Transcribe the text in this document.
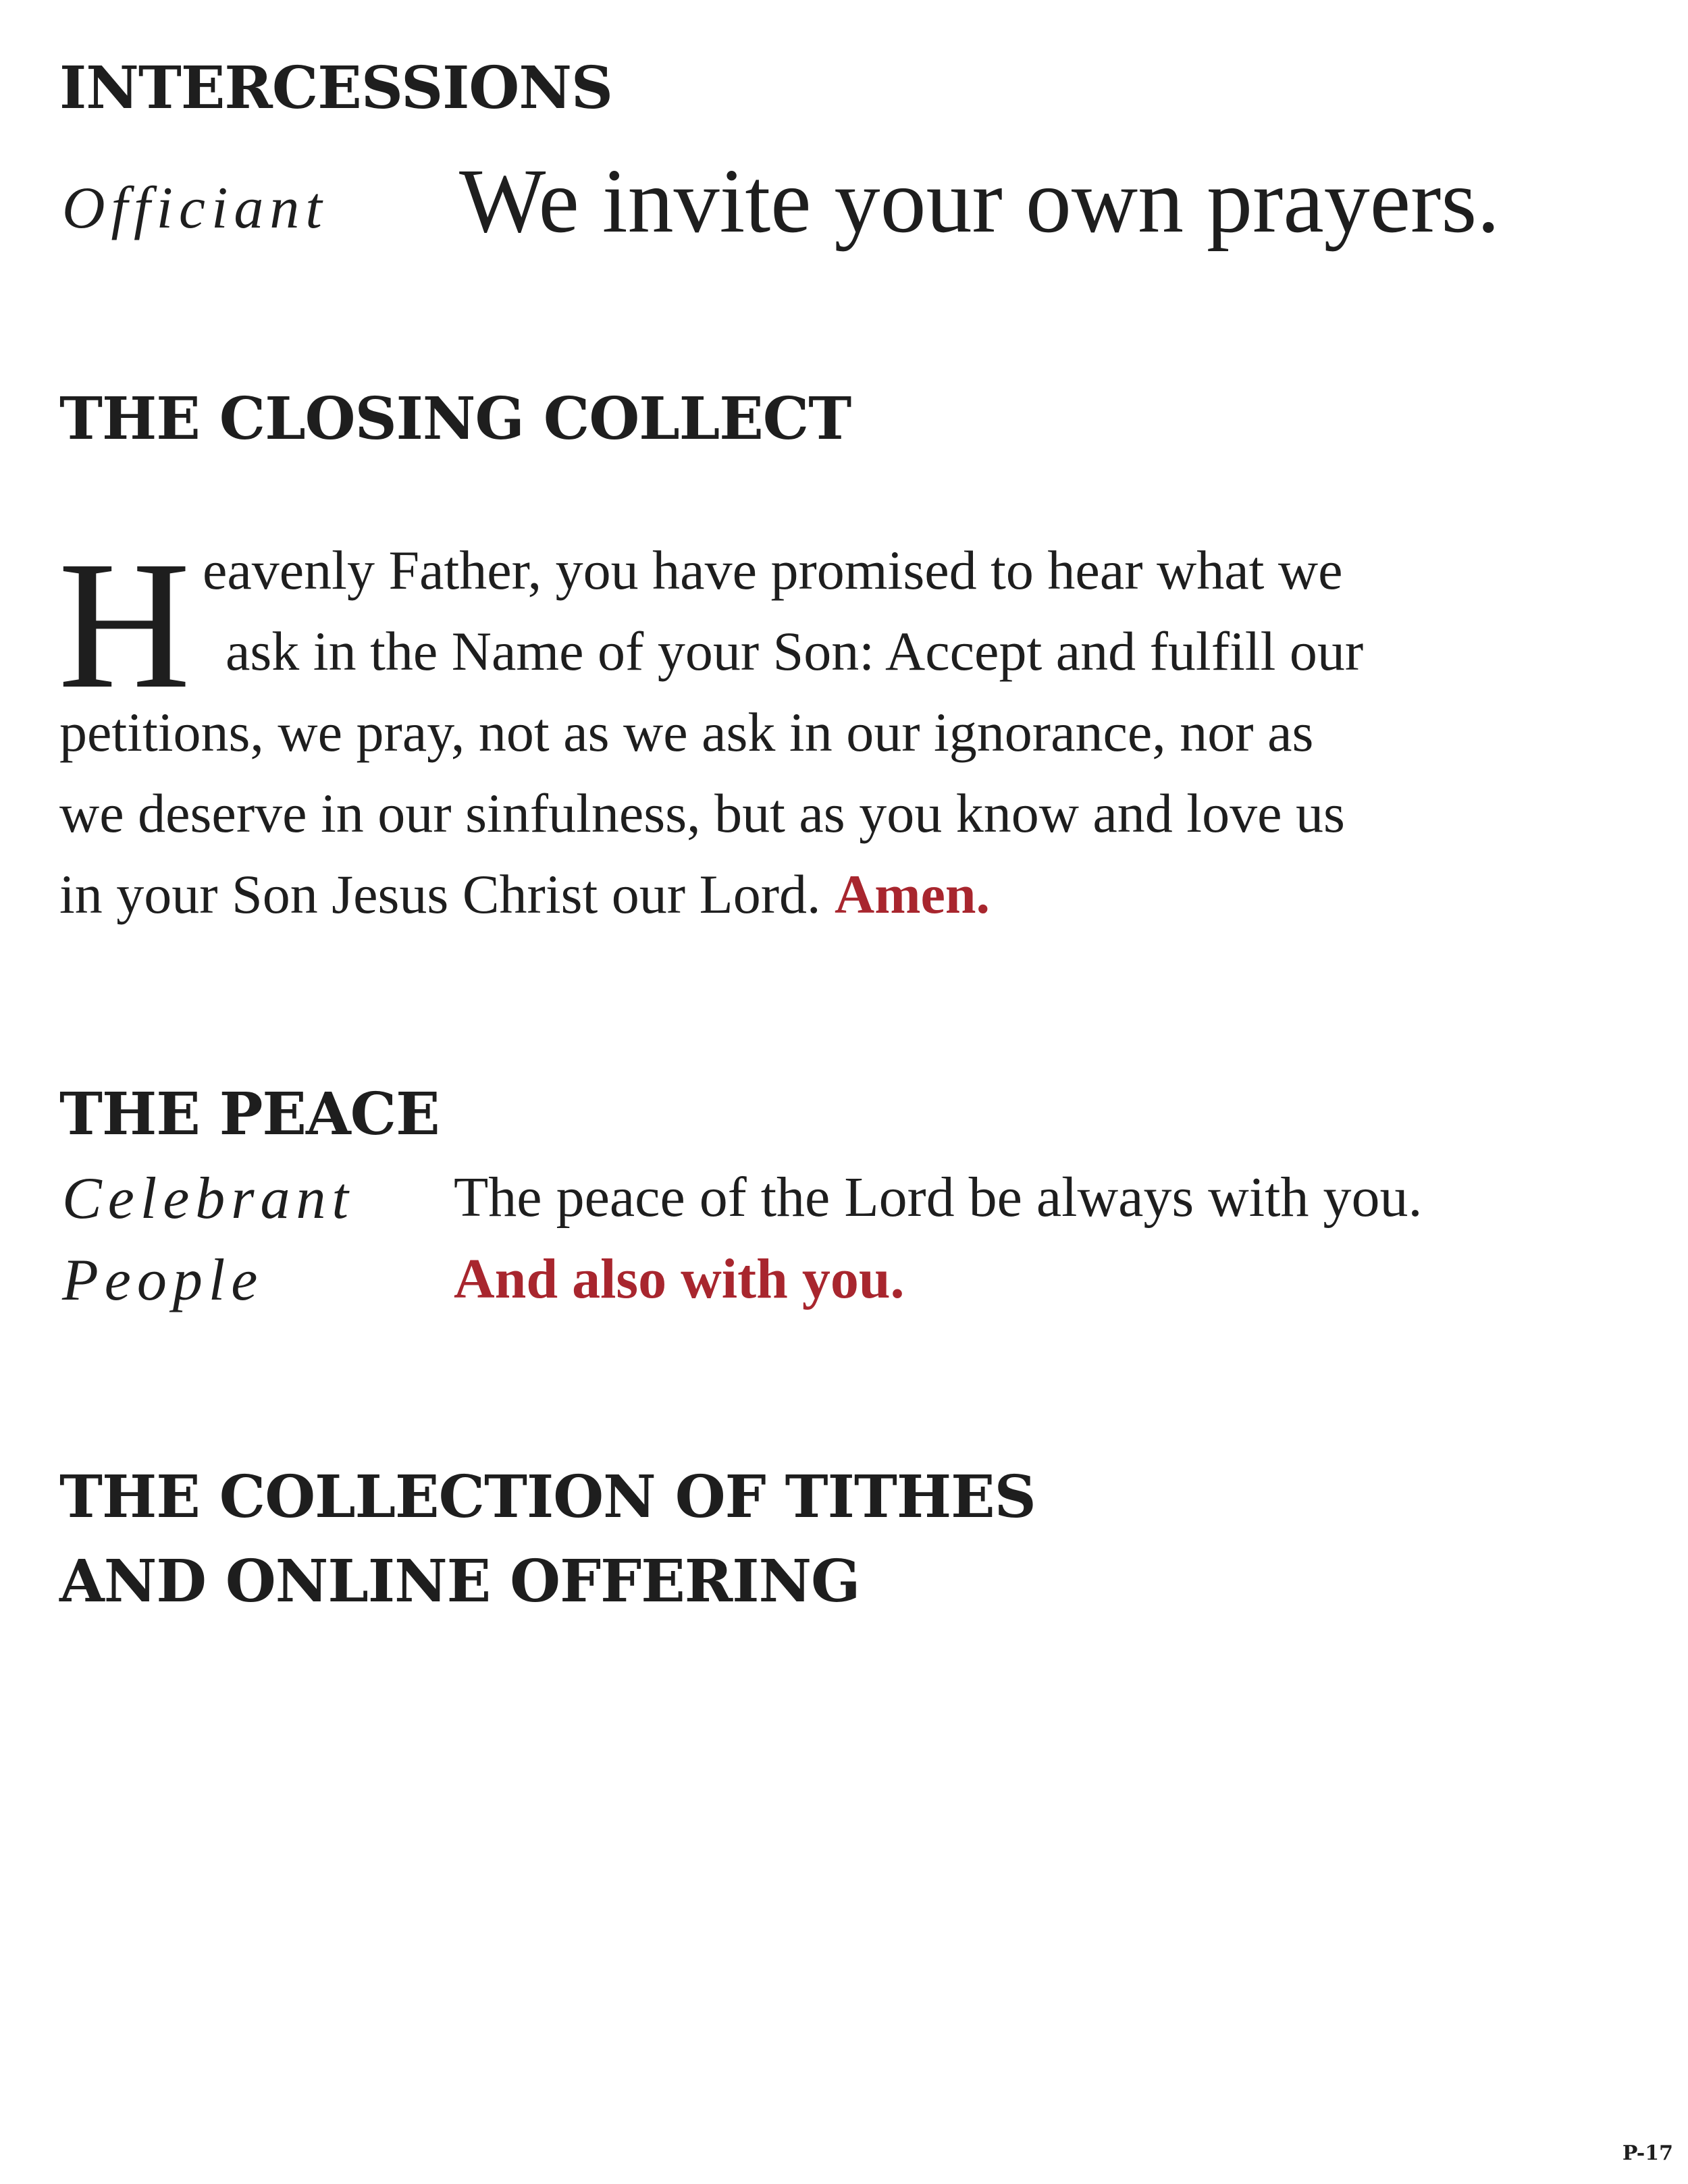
INTERCESSIONS
Officiant We invite your own prayers.
THE CLOSING COLLECT
H eavenly Father, you have promised to hear what we
ask in the Name of your Son: Accept and fulfill our
petitions, we pray, not as we ask in our ignorance, nor as
we deserve in our sinfulness, but as you know and love us
in your Son Jesus Christ our Lord. Amen.
THE PEACE
Celebrant The peace of the Lord be always with you.
People	And also with you.
THE COLLECTION OF TITHES
AND ONLINE OFFERING
P-17
